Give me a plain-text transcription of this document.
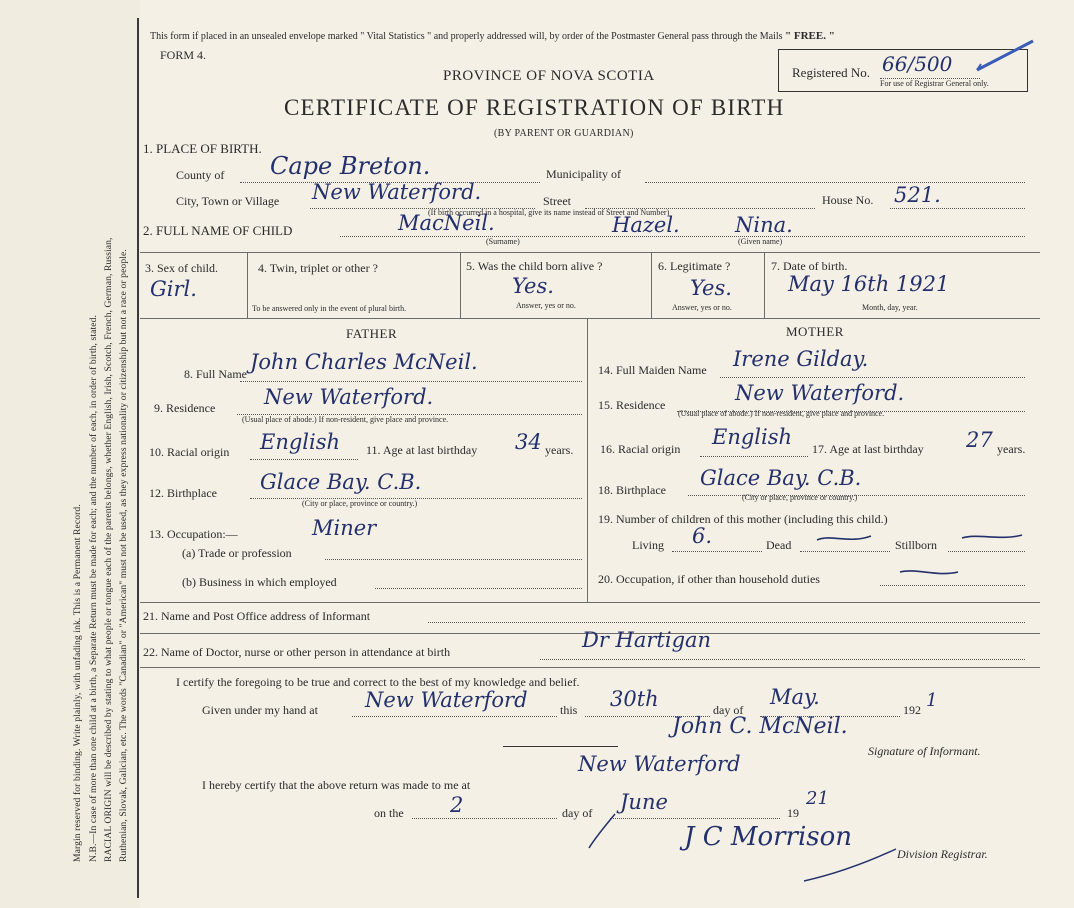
Margin reserved for binding. Write plainly, with unfading ink. This is a Permanent Record. N.B.—In case of more than one child at a birth, a Separate Return must be made for each; and the number of each, in order of birth, stated. RACIAL ORIGIN will be described by stating to what people or tongue each of the parents belongs, whether English, Irish, Scotch, French, German, Russian, Ruthenian, Slovak, Galician, etc. The words "Canadian" or "American" must not be used, as they express nationality or citizenship but not a race or people.
This form if placed in an unsealed envelope marked " Vital Statistics " and properly addressed will, by order of the Postmaster General pass through the Mails " FREE. "
FORM 4.
PROVINCE OF NOVA SCOTIA
CERTIFICATE OF REGISTRATION OF BIRTH
(BY PARENT OR GUARDIAN)
Registered No. 66/500
For use of Registrar General only.
1. PLACE OF BIRTH.
County of Cape Breton.	Municipality of
City, Town or Village New Waterford.	Street	House No. 521.
(If birth occurred in a hospital, give its name instead of Street and Number)
2. FULL NAME OF CHILD	MacNeil.	Hazel.	Nina.
(Surname)	(Given name)
3. Sex of child.
Girl.
4. Twin, triplet or other ?
To be answered only in the event of plural birth.
5. Was the child born alive ?
Yes.
Answer, yes or no.
6. Legitimate ?
Yes.
Answer, yes or no.
7. Date of birth.
May 16th 1921
Month, day, year.
FATHER	MOTHER
8. Full Name John Charles McNeil.
9. Residence New Waterford.
(Usual place of abode.) If non-resident, give place and province.
10. Racial origin English 11. Age at last birthday 34 years.
12. Birthplace Glace Bay. C.B.
(City or place, province or country.)
13. Occupation:—	Miner
(a) Trade or profession
(b) Business in which employed
14. Full Maiden Name Irene Gilday.
15. Residence	New Waterford.
(Usual place of abode.) If non-resident, give place and province.
16. Racial origin English 17. Age at last birthday 27 years.
18. Birthplace Glace Bay. C.B.
(City or place, province or country.)
19. Number of children of this mother (including this child.)
Living 6.	Dead	Stillborn
20. Occupation, if other than household duties
21. Name and Post Office address of Informant
22. Name of Doctor, nurse or other person in attendance at birth	Dr Hartigan
I certify the foregoing to be true and correct to the best of my knowledge and belief.
Given under my hand at New Waterford	this 30th	day of
May.
192 1
John C. McNeil.
Signature of Informant.
I hereby certify that the above return was made to me at
New Waterford
on the 2	day of June	19
21
J C Morrison
Division Registrar.
